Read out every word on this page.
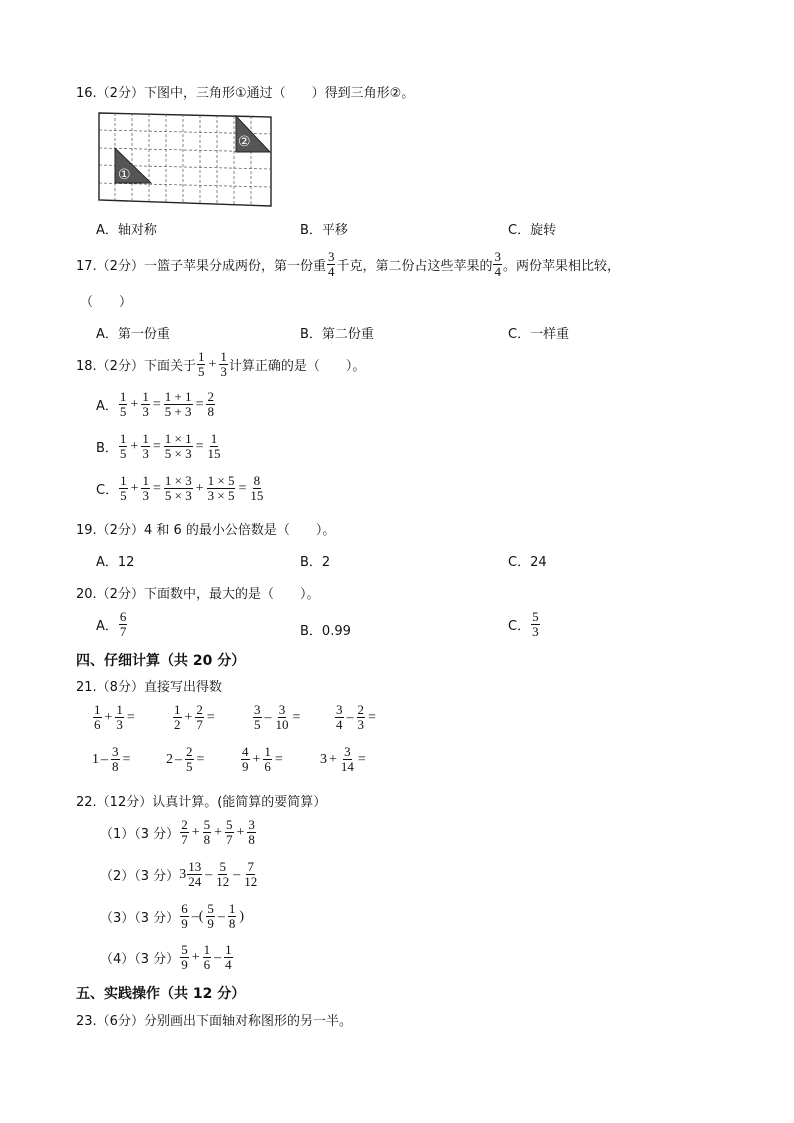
16.（2分）下图中，三角形①通过（　　）得到三角形②。
①
②
A．轴对称	B．平移	C．旋转
17.（2分）一篮子苹果分成两份，第一份重 $\frac{3}{4}$ 千克，第二份占这些苹果的 $\frac{3}{4}$ 。两份苹果相比较，
（　　）
A．第一份重	B．第二份重	C．一样重
18.（2分）下面关于 $\frac{1}{5} + \frac{1}{3}$ 计算正确的是（　　）。
A． $\frac{1}{5} + \frac{1}{3} = \frac{1 + 1}{5 + 3} = \frac{2}{8}$
B． $\frac{1}{5} + \frac{1}{3} = \frac{1 \times 1}{5 \times 3} = \frac{1}{15}$
C． $\frac{1}{5} + \frac{1}{3} = \frac{1 \times 3}{5 \times 3} + \frac{1 \times 5}{3 \times 5} = \frac{8}{15}$
19.（2分）4 和 6 的最小公倍数是（　　）。
A．12	B．2	C．24
20.（2分）下面数中，最大的是（　　）。
A． $\frac{6}{7}$	B．0.99	C． $\frac{5}{3}$
四、仔细计算（共 20 分）
21.（8分）直接写出得数
$\frac{1}{6} + \frac{1}{3}$ =	$\frac{1}{2} + \frac{2}{7}$ =	$\frac{3}{5} - \frac{3}{10}$ =	$\frac{3}{4} - \frac{2}{3}$ =
$1 - \frac{3}{8}$ =	$2 - \frac{2}{5}$ =	$\frac{4}{9} + \frac{1}{6}$ =	$3 + \frac{3}{14}$ =
22.（12分）认真计算。(能简算的要简算）
（1）（3 分） $\frac{2}{7} + \frac{5}{8} + \frac{5}{7} + \frac{3}{8}$
（2）（3 分） $3 \frac{13}{24} - \frac{5}{12} - \frac{7}{12}$
（3）（3 分） $\frac{6}{9}$ –( $\frac{5}{9} - \frac{1}{8}$ )
（4）（3 分） $\frac{5}{9} + \frac{1}{6} - \frac{1}{4}$
五、实践操作（共 12 分）
23.（6分）分别画出下面轴对称图形的另一半。
